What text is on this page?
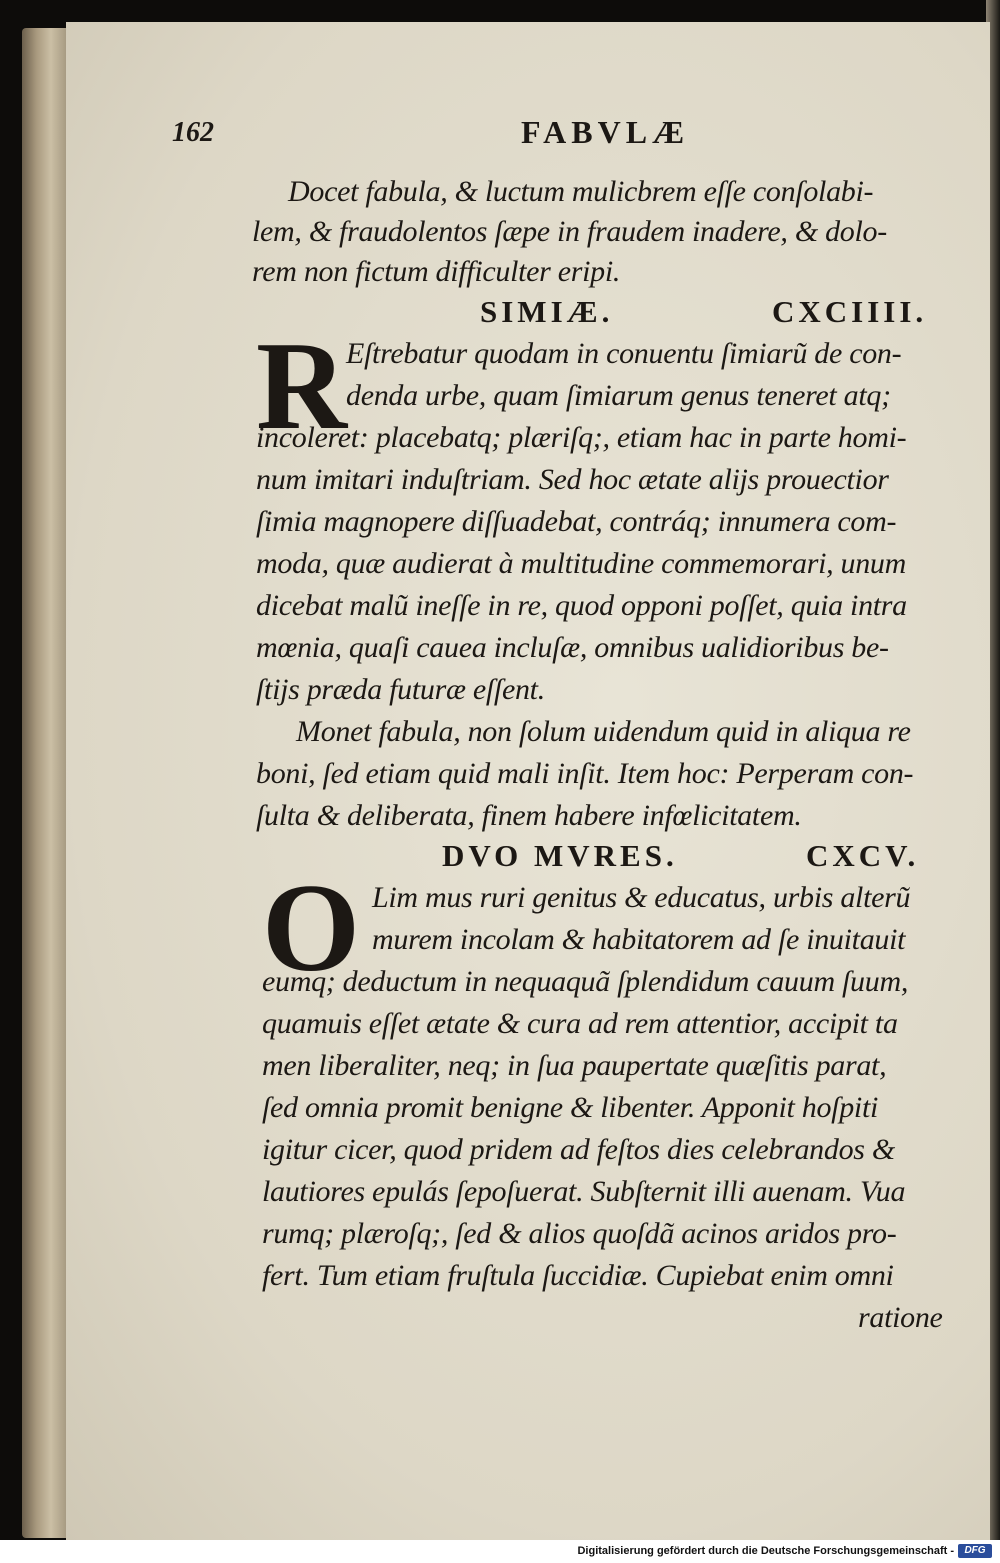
162	FABVLÆ
Docet fabula, & luctum mulicbrem eſſe conſolabi-
lem, & fraudolentos ſæpe in fraudem inadere, & dolo-
rem non fictum difficulter eripi.
SIMIÆ.	CXCIIII.
R Eſtrebatur quodam in conuentu ſimiarũ de con-
denda urbe, quam ſimiarum genus teneret atq;
incoleret: placebatq; plæriſq;, etiam hac in parte homi-
num imitari induſtriam. Sed hoc ætate alijs prouectior
ſimia magnopere diſſuadebat, contráq; innumera com-
moda, quæ audierat à multitudine commemorari, unum
dicebat malũ ineſſe in re, quod opponi poſſet, quia intra
mœnia, quaſi cauea incluſæ, omnibus ualidioribus be-
ſtijs præda futuræ eſſent.
Monet fabula, non ſolum uidendum quid in aliqua re
boni, ſed etiam quid mali inſit. Item hoc: Perperam con-
ſulta & deliberata, finem habere infœlicitatem.
DVO MVRES.	CXCV.
O Lim mus ruri genitus & educatus, urbis alterũ
murem incolam & habitatorem ad ſe inuitauit
eumq; deductum in nequaquã ſplendidum cauum ſuum,
quamuis eſſet ætate & cura ad rem attentior, accipit ta
men liberaliter, neq; in ſua paupertate quæſitis parat,
ſed omnia promit benigne & libenter. Apponit hoſpiti
igitur cicer, quod pridem ad feſtos dies celebrandos &
lautiores epulás ſepoſuerat. Subſternit illi auenam. Vua
rumq; plæroſq;, ſed & alios quoſdã acinos aridos pro-
fert. Tum etiam fruſtula ſuccidiæ. Cupiebat enim omni
ratione
Digitalisierung gefördert durch die Deutsche Forschungsgemeinschaft -	DFG
